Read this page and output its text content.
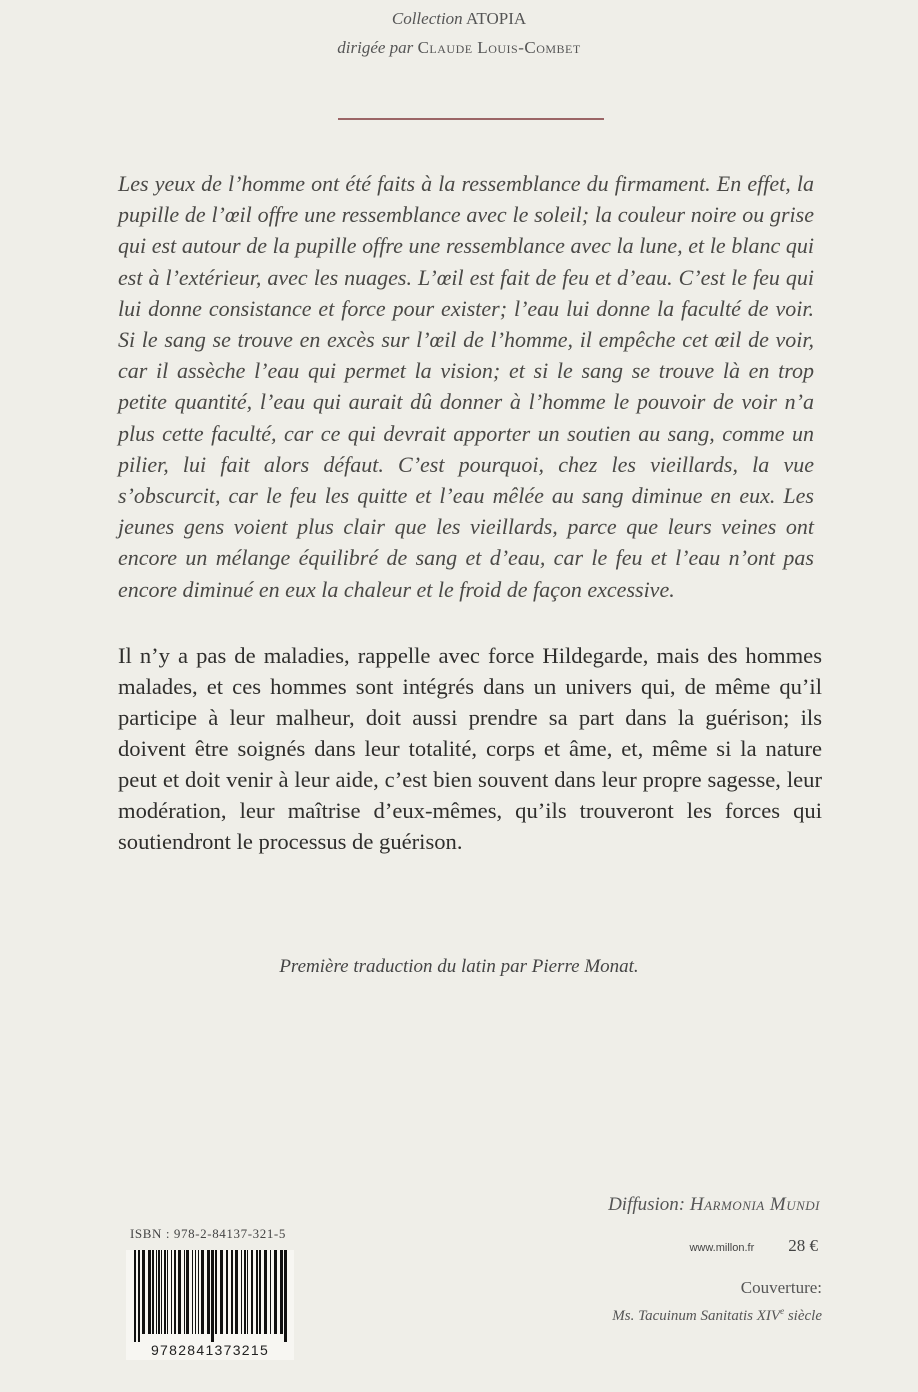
Collection ATOPIA
dirigée par Claude Louis-Combet
Les yeux de l’homme ont été faits à la ressemblance du firmament. En effet, la pupille de l’œil offre une ressemblance avec le soleil; la couleur noire ou grise qui est autour de la pupille offre une ressemblance avec la lune, et le blanc qui est à l’extérieur, avec les nuages. L’œil est fait de feu et d’eau. C’est le feu qui lui donne consistance et force pour exister; l’eau lui donne la faculté de voir. Si le sang se trouve en excès sur l’œil de l’homme, il empêche cet œil de voir, car il assèche l’eau qui permet la vision; et si le sang se trouve là en trop petite quantité, l’eau qui aurait dû donner à l’homme le pouvoir de voir n’a plus cette faculté, car ce qui devrait apporter un soutien au sang, comme un pilier, lui fait alors défaut. C’est pourquoi, chez les vieillards, la vue s’obscurcit, car le feu les quitte et l’eau mêlée au sang diminue en eux. Les jeunes gens voient plus clair que les vieillards, parce que leurs veines ont encore un mélange équilibré de sang et d’eau, car le feu et l’eau n’ont pas encore diminué en eux la chaleur et le froid de façon excessive.
Il n’y a pas de maladies, rappelle avec force Hildegarde, mais des hommes malades, et ces hommes sont intégrés dans un univers qui, de même qu’il participe à leur malheur, doit aussi prendre sa part dans la guérison; ils doivent être soignés dans leur totalité, corps et âme, et, même si la nature peut et doit venir à leur aide, c’est bien souvent dans leur propre sagesse, leur modération, leur maîtrise d’eux-mêmes, qu’ils trouveront les forces qui soutiendront le processus de guérison.
Première traduction du latin par Pierre Monat.
Diffusion: Harmonia Mundi
www.millon.fr 28 €
Couverture:
Ms. Tacuinum Sanitatis XIVe siècle
ISBN : 978-2-84137-321-5
9782841373215
